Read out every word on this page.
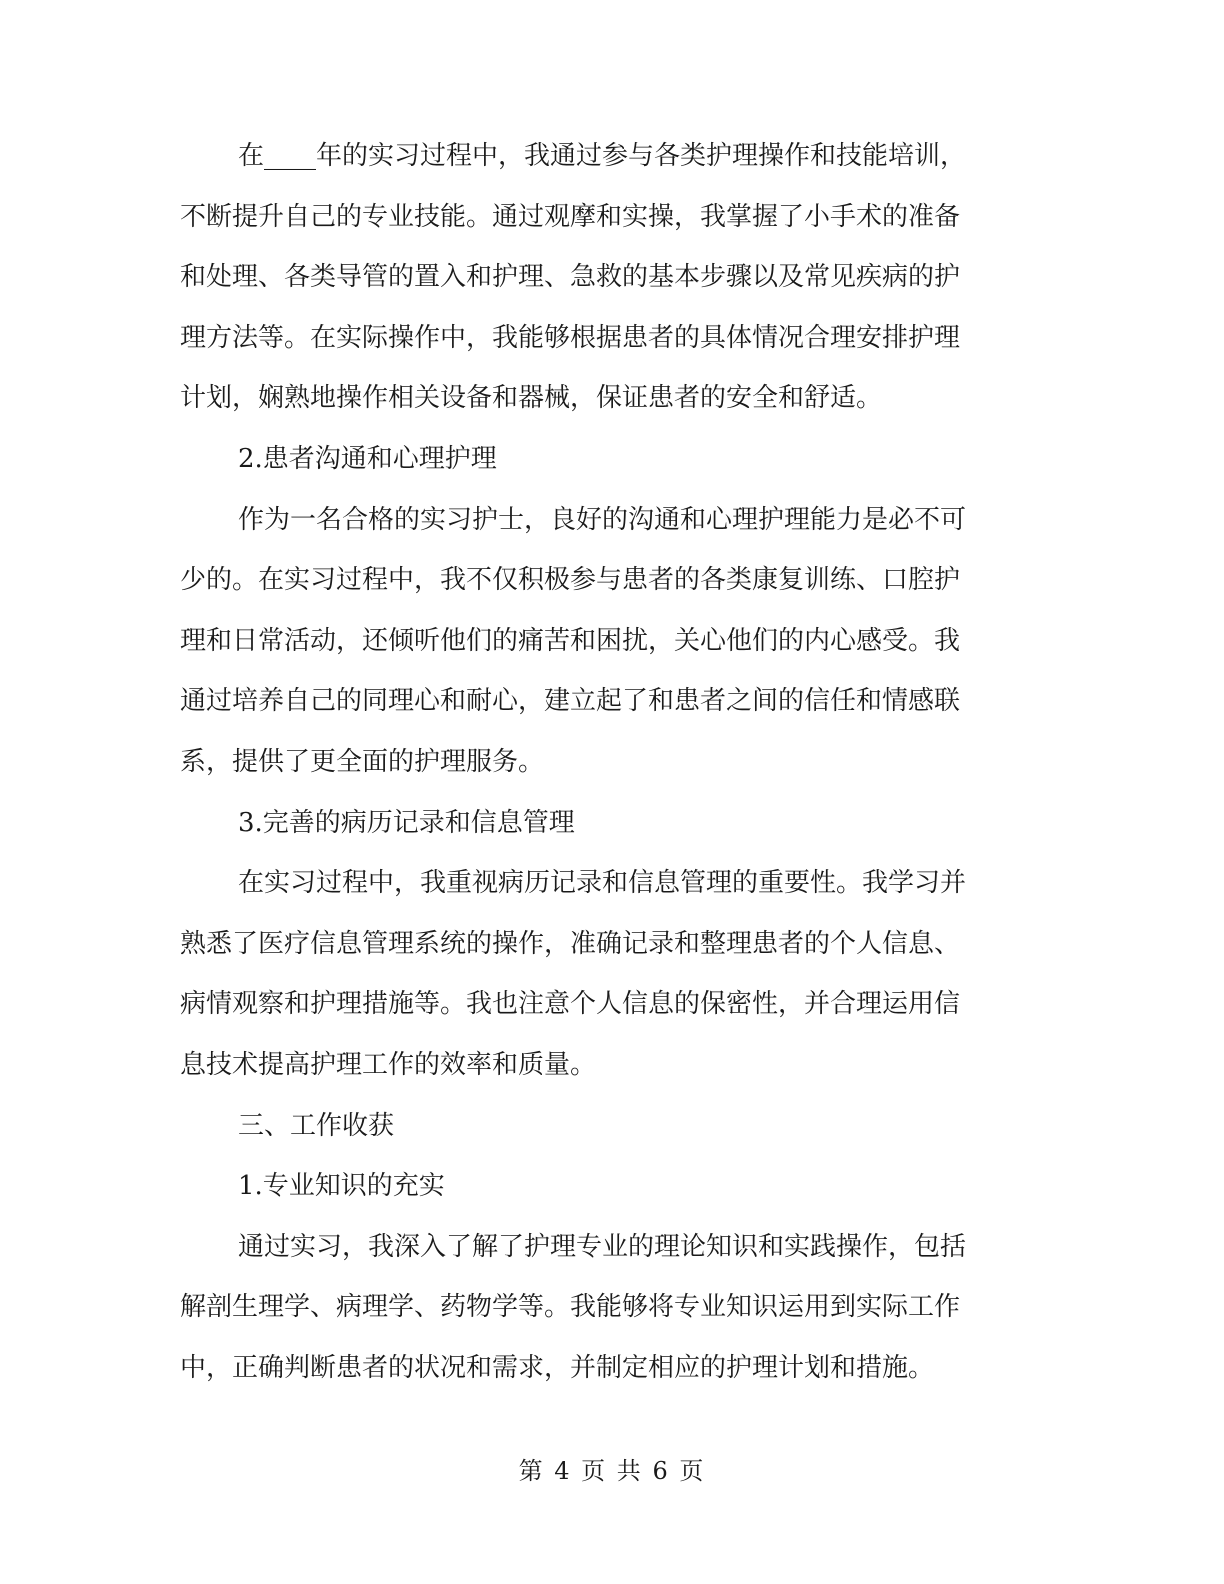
在____年的实习过程中，我通过参与各类护理操作和技能培训，
不断提升自己的专业技能。通过观摩和实操，我掌握了小手术的准备
和处理、各类导管的置入和护理、急救的基本步骤以及常见疾病的护
理方法等。在实际操作中，我能够根据患者的具体情况合理安排护理
计划，娴熟地操作相关设备和器械，保证患者的安全和舒适。
2.患者沟通和心理护理
作为一名合格的实习护士，良好的沟通和心理护理能力是必不可
少的。在实习过程中，我不仅积极参与患者的各类康复训练、口腔护
理和日常活动，还倾听他们的痛苦和困扰，关心他们的内心感受。我
通过培养自己的同理心和耐心，建立起了和患者之间的信任和情感联
系，提供了更全面的护理服务。
3.完善的病历记录和信息管理
在实习过程中，我重视病历记录和信息管理的重要性。我学习并
熟悉了医疗信息管理系统的操作，准确记录和整理患者的个人信息、
病情观察和护理措施等。我也注意个人信息的保密性，并合理运用信
息技术提高护理工作的效率和质量。
三、工作收获
1.专业知识的充实
通过实习，我深入了解了护理专业的理论知识和实践操作，包括
解剖生理学、病理学、药物学等。我能够将专业知识运用到实际工作
中，正确判断患者的状况和需求，并制定相应的护理计划和措施。
第 4 页 共 6 页
